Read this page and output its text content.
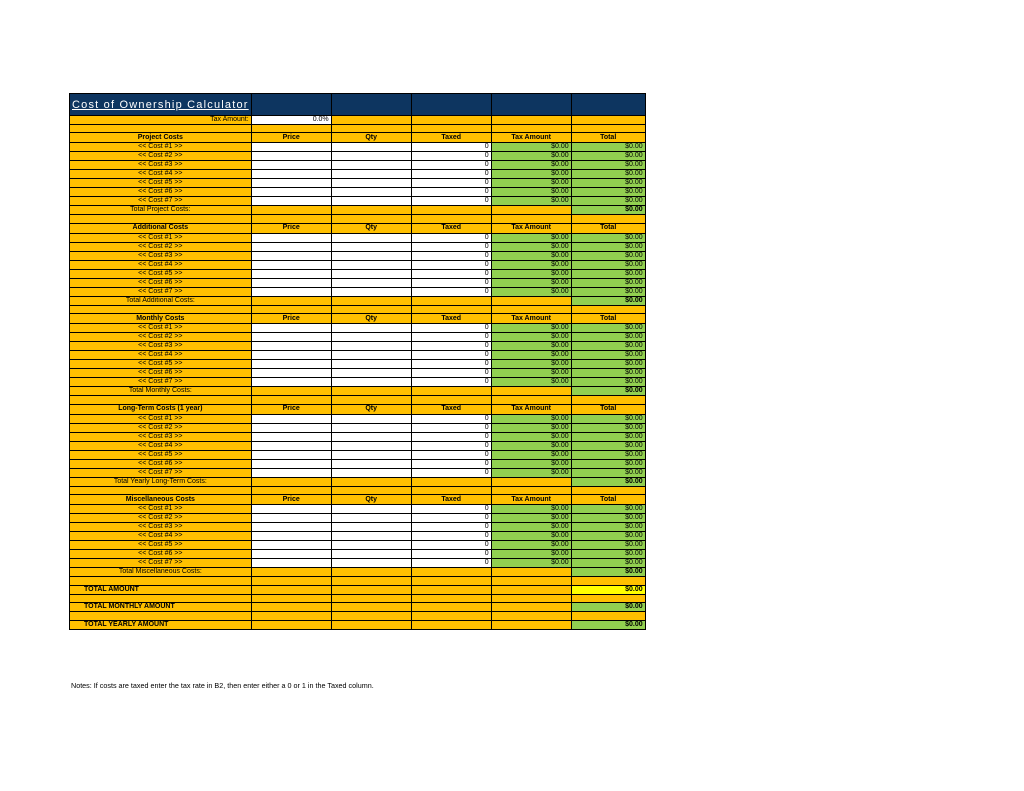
Cost of Ownership Calculator					
Tax Amount:	0.0%				

Project Costs	Price	Qty	Taxed	Tax Amount	Total
<< Cost #1 >>			0	$0.00	$0.00
<< Cost #2 >>			0	$0.00	$0.00
<< Cost #3 >>			0	$0.00	$0.00
<< Cost #4 >>			0	$0.00	$0.00
<< Cost #5 >>			0	$0.00	$0.00
<< Cost #6 >>			0	$0.00	$0.00
<< Cost #7 >>			0	$0.00	$0.00
Total Project Costs:					$0.00

Additional Costs	Price	Qty	Taxed	Tax Amount	Total
<< Cost #1 >>			0	$0.00	$0.00
<< Cost #2 >>			0	$0.00	$0.00
<< Cost #3 >>			0	$0.00	$0.00
<< Cost #4 >>			0	$0.00	$0.00
<< Cost #5 >>			0	$0.00	$0.00
<< Cost #6 >>			0	$0.00	$0.00
<< Cost #7 >>			0	$0.00	$0.00
Total Additional Costs:					$0.00

Monthly Costs	Price	Qty	Taxed	Tax Amount	Total
<< Cost #1 >>			0	$0.00	$0.00
<< Cost #2 >>			0	$0.00	$0.00
<< Cost #3 >>			0	$0.00	$0.00
<< Cost #4 >>			0	$0.00	$0.00
<< Cost #5 >>			0	$0.00	$0.00
<< Cost #6 >>			0	$0.00	$0.00
<< Cost #7 >>			0	$0.00	$0.00
Total Monthly Costs:					$0.00

Long-Term Costs (1 year)	Price	Qty	Taxed	Tax Amount	Total
<< Cost #1 >>			0	$0.00	$0.00
<< Cost #2 >>			0	$0.00	$0.00
<< Cost #3 >>			0	$0.00	$0.00
<< Cost #4 >>			0	$0.00	$0.00
<< Cost #5 >>			0	$0.00	$0.00
<< Cost #6 >>			0	$0.00	$0.00
<< Cost #7 >>			0	$0.00	$0.00
Total Yearly Long-Term Costs:					$0.00

Miscellaneous Costs	Price	Qty	Taxed	Tax Amount	Total
<< Cost #1 >>			0	$0.00	$0.00
<< Cost #2 >>			0	$0.00	$0.00
<< Cost #3 >>			0	$0.00	$0.00
<< Cost #4 >>			0	$0.00	$0.00
<< Cost #5 >>			0	$0.00	$0.00
<< Cost #6 >>			0	$0.00	$0.00
<< Cost #7 >>			0	$0.00	$0.00
Total Miscellaneous Costs:					$0.00

TOTAL AMOUNT					$0.00

TOTAL MONTHLY AMOUNT					$0.00

TOTAL YEARLY AMOUNT					$0.00
Notes: If costs are taxed enter the tax rate in B2, then enter either a 0 or 1 in the Taxed column.
